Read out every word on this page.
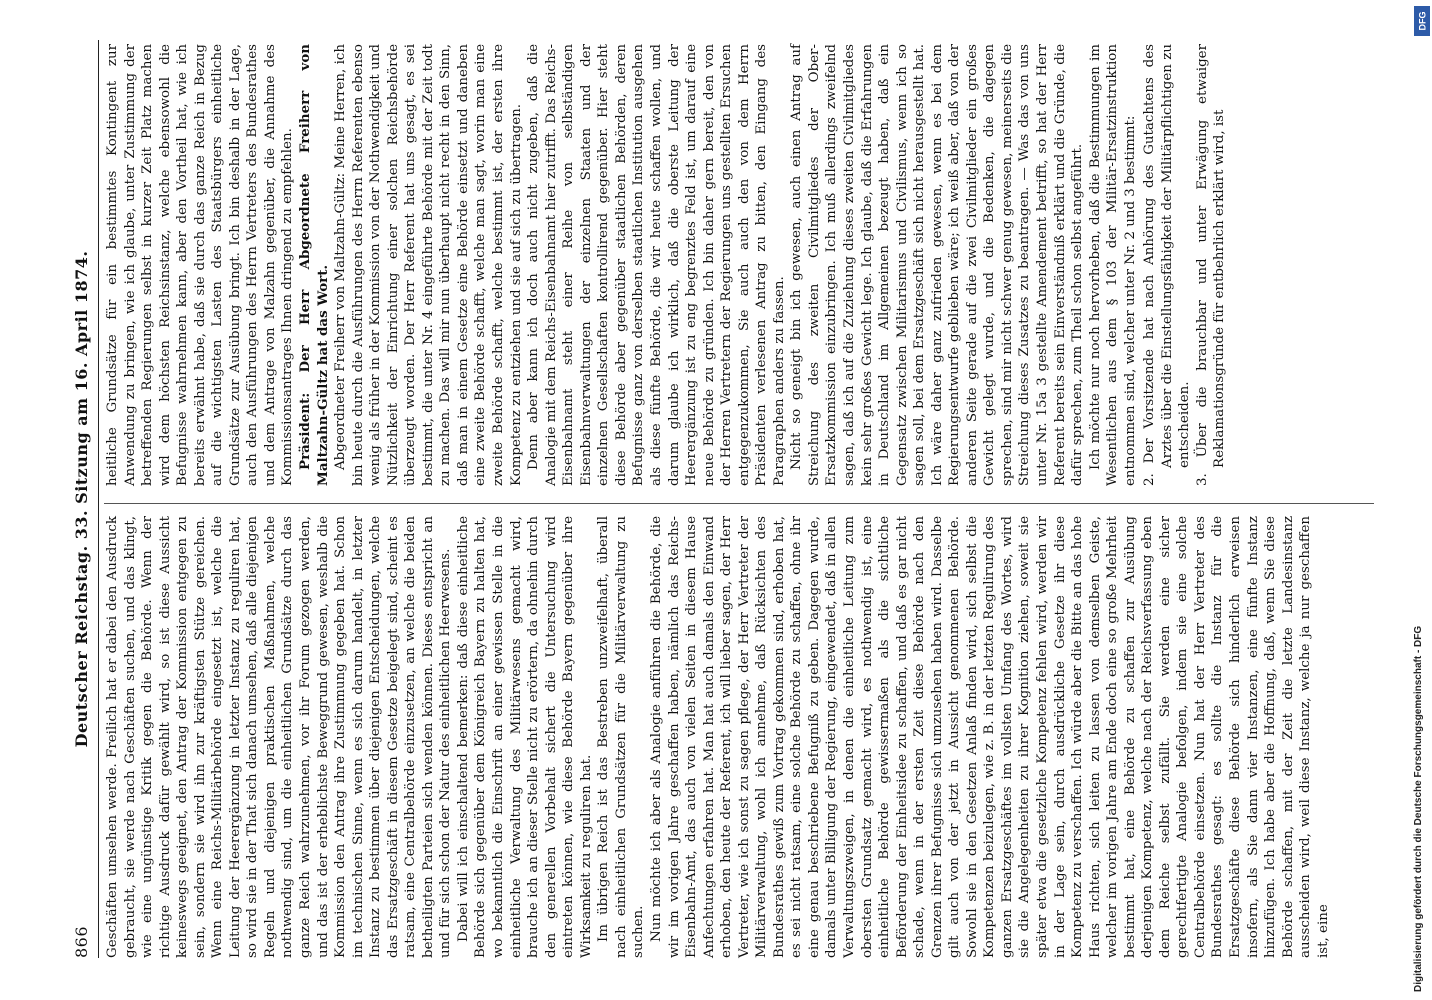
866
Deutscher Reichstag. 33. Sitzung am 16. April 1874. Geschäften umsehen werde. Freilich hat er dabei den Ausdruck gebraucht, sie werde nach Geschäften suchen, und das klingt, wie eine ungünstige Kritik gegen die Behörde. Wenn der richtige Ausdruck dafür gewählt wird, so ist diese Aussicht keineswegs geeignet, den Antrag der Kommission entgegen zu sein, sondern sie wird ihn zur kräftigsten Stütze gereichen. Wenn eine Reichs-Militärbehörde eingesetzt ist, welche die Leitung der Heerergänzung in letzter Instanz zu reguliren hat, so wird sie in der That sich danach umsehen, daß alle diejenigen Regeln und diejenigen praktischen Maßnahmen, welche nothwendig sind, um die einheitlichen Grundsätze durch das ganze Reich wahrzunehmen, vor ihr Forum gezogen werden, und das ist der erheblichste Beweggrund gewesen, weshalb die Kommission den Antrag ihre Zustimmung gegeben hat. Schon im technischen Sinne, wenn es sich darum handelt, in letzter Instanz zu bestimmen über diejenigen Entscheidungen, welche das Ersatzgeschäft in diesem Gesetze beigelegt sind, scheint es ratsam, eine Centralbehörde einzusetzen, an welche die beiden betheiligten Parteien sich wenden können. Dieses entspricht an und für sich schon der Natur des einheitlichen Heerwesens. Dabei will ich einschaltend bemerken: daß diese einheitliche Behörde sich gegenüber dem Königreich Bayern zu halten hat, wo bekanntlich die Einschrift an einer gewissen Stelle in die einheitliche Verwaltung des Militärwesens gemacht wird, brauche ich an dieser Stelle nicht zu erörtern, da ohnehin durch den generellen Vorbehalt sichert die Untersuchung wird eintreten können, wie diese Behörde Bayern gegenüber ihre Wirksamkeit zu reguliren hat. Im übrigen Reich ist das Bestreben unzweifelhaft, überall nach einheitlichen Grundsätzen für die Militärverwaltung zu suchen. Nun möchte ich aber als Analogie anführen die Behörde, die wir im vorigen Jahre geschaffen haben, nämlich das Reichs-Eisenbahn-Amt, das auch von vielen Seiten in diesem Hause Anfechtungen erfahren hat. Man hat auch damals den Einwand erhoben, den heute der Referent, ich will lieber sagen, der Herr Vertreter, wie ich sonst zu sagen pflege, der Herr Vertreter der Militärverwaltung, wohl ich annehme, daß Rücksichten des Bundesrathes gewiß zum Vortrag gekommen sind, erhoben hat, es sei nicht ratsam, eine solche Behörde zu schaffen, ohne ihr eine genau beschriebene Befugniß zu geben. Dagegen wurde, damals unter Billigung der Regierung, eingewendet, daß in allen Verwaltungszweigen, in denen die einheitliche Leitung zum obersten Grundsatz gemacht wird, es nothwendig ist, eine einheitliche Behörde gewissermaßen als die sichtliche Beförderung der Einheitsidee zu schaffen, und daß es gar nicht schade, wenn in der ersten Zeit diese Behörde nach den Grenzen ihrer Befugnisse sich umzusehen haben wird. Dasselbe gilt auch von der jetzt in Aussicht genommenen Behörde. Sowohl sie in den Gesetzen Anlaß finden wird, sich selbst die Kompetenzen beizulegen, wie z. B. in der letzten Regulirung des ganzen Ersatzgeschäftes im vollsten Umfang des Wortes, wird sie die Angelegenheiten zu ihrer Kognition ziehen, soweit sie später etwa die gesetzliche Kompetenz fehlen wird, werden wir in der Lage sein, durch ausdrückliche Gesetze ihr diese Kompetenz zu verschaffen. Ich würde aber die Bitte an das hohe Haus richten, sich leiten zu lassen von demselben Geiste, welcher im vorigen Jahre am Ende doch eine so große Mehrheit bestimmt hat, eine Behörde zu schaffen zur Ausübung derjenigen Kompetenz, welche nach der Reichsverfassung eben dem Reiche selbst zufällt. Sie werden eine sicher gerechtfertigte Analogie befolgen, indem sie eine solche Centralbehörde einsetzen. Nun hat der Herr Vertreter des Bundesrathes gesagt: es sollte die Instanz für die Ersatzgeschäfte diese Behörde sich hinderlich erweisen insofern, als Sie dann vier Instanzen, eine fünfte Instanz hinzufügen. Ich habe aber die Hoffnung, daß, wenn Sie diese Behörde schaffen, mit der Zeit die letzte Landesinstanz ausscheiden wird, weil diese Instanz, welche ja nur geschaffen ist, eine

heitliche Grundsätze für ein bestimmtes Kontingent zur Anwendung zu bringen, wie ich glaube, unter Zustimmung der betreffenden Regierungen selbst in kurzer Zeit Platz machen wird dem höchsten Reichsinstanz, welche ebensowohl die Befugnisse wahrnehmen kann, aber den Vortheil hat, wie ich bereits erwähnt habe, daß sie durch das ganze Reich in Bezug auf die wichtigsten Lasten des Staatsbürgers einheitliche Grundsätze zur Ausübung bringt. Ich bin deshalb in der Lage, auch den Ausführungen des Herrn Vertreters des Bundesrathes und dem Antrage von Malzahn gegenüber, die Annahme des Kommissionsantrages Ihnen dringend zu empfehlen. Präsident: Der Herr Abgeordnete Freiherr von Maltzahn-Gültz hat das Wort. Abgeordneter Freiherr von Maltzahn-Gültz: Meine Herren, ich bin heute durch die Ausführungen des Herrn Referenten ebenso wenig als früher in der Kommission von der Nothwendigkeit und Nützlichkeit der Einrichtung einer solchen Reichsbehörde überzeugt worden. Der Herr Referent hat uns gesagt, es sei bestimmt, die unter Nr. 4 eingeführte Behörde mit der Zeit todt zu machen. Das will mir nun überhaupt nicht recht in den Sinn, daß man in einem Gesetze eine Behörde einsetzt und daneben eine zweite Behörde schafft, welche man sagt, worin man eine zweite Behörde schafft, welche bestimmt ist, der ersten ihre Kompetenz zu entziehen und sie auf sich zu übertragen. Denn aber kann ich doch auch nicht zugeben, daß die Analogie mit dem Reichs-Eisenbahnamt hier zutrifft. Das Reichs-Eisenbahnamt steht einer Reihe von selbständigen Eisenbahnverwaltungen der einzelnen Staaten und der einzelnen Gesellschaften kontrollirend gegenüber. Hier steht diese Behörde aber gegenüber staatlichen Behörden, deren Befugnisse ganz von derselben staatlichen Institution ausgehen als diese fünfte Behörde, die wir heute schaffen wollen, und darum glaube ich wirklich, daß die oberste Leitung der Heerergänzung ist zu eng begrenztes Feld ist, um darauf eine neue Behörde zu gründen. Ich bin daher gern bereit, den von der Herren Vertretern der Regierungen uns gestellten Ersuchen entgegenzukommen, Sie auch auch den von dem Herrn Präsidenten verlesenen Antrag zu bitten, den Eingang des Paragraphen anders zu fassen. Nicht so geneigt bin ich gewesen, auch einen Antrag auf Streichung des zweiten Civilmitgliedes der Ober-Ersatzkommission einzubringen. Ich muß allerdings zweifelnd sagen, daß ich auf die Zuziehung dieses zweiten Civilmitgliedes kein sehr großes Gewicht lege. Ich glaube, daß die Erfahrungen in Deutschland im Allgemeinen bezeugt haben, daß ein Gegensatz zwischen Militarismus und Civilismus, wenn ich so sagen soll, bei dem Ersatzgeschäft sich nicht herausgestellt hat. Ich wäre daher ganz zufrieden gewesen, wenn es bei dem Regierungsentwurfe geblieben wäre; ich weiß aber, daß von der anderen Seite gerade auf die zwei Civilmitglieder ein großes Gewicht gelegt wurde, und die Bedenken, die dagegen sprechen, sind mir nicht schwer genug gewesen, meinerseits die Streichung dieses Zusatzes zu beantragen. — Was das von uns unter Nr. 15a 3 gestellte Amendement betrifft, so hat der Herr Referent bereits sein Einverständniß erklärt und die Gründe, die dafür sprechen, zum Theil schon selbst angeführt. Ich möchte nur noch hervorheben, daß die Bestimmungen im Wesentlichen aus dem § 103 der Militär-Ersatzinstruktion entnommen sind, welcher unter Nr. 2 und 3 bestimmt: 2. Der Vorsitzende hat nach Anhörung des Gutachtens des Arztes über die Einstellungsfähigkeit der Militärpflichtigen zu entscheiden. 3. Über die brauchbar und unter Erwägung etwaiger Reklamationsgründe für entbehrlich erklärt wird, ist
DFG
Digitalisierung gefördert durch die Deutsche Forschungsgemeinschaft - DFG
